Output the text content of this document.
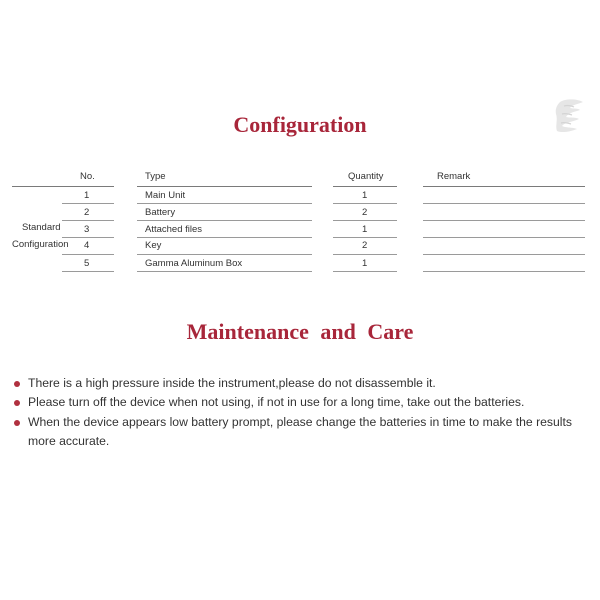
Configuration
No.	Type	Quantity	Remark
Standard
Configuration
1	Main Unit	1
2	Battery	2
3	Attached files	1
4	Key	2
5	Gamma Aluminum Box	1
Maintenance and Care
There is a high pressure inside the instrument,please do not disassemble it.
Please turn off the device when not using, if not in use for a long time, take out the batteries.
When the device appears low battery prompt, please change the batteries in time to make the results more accurate.
